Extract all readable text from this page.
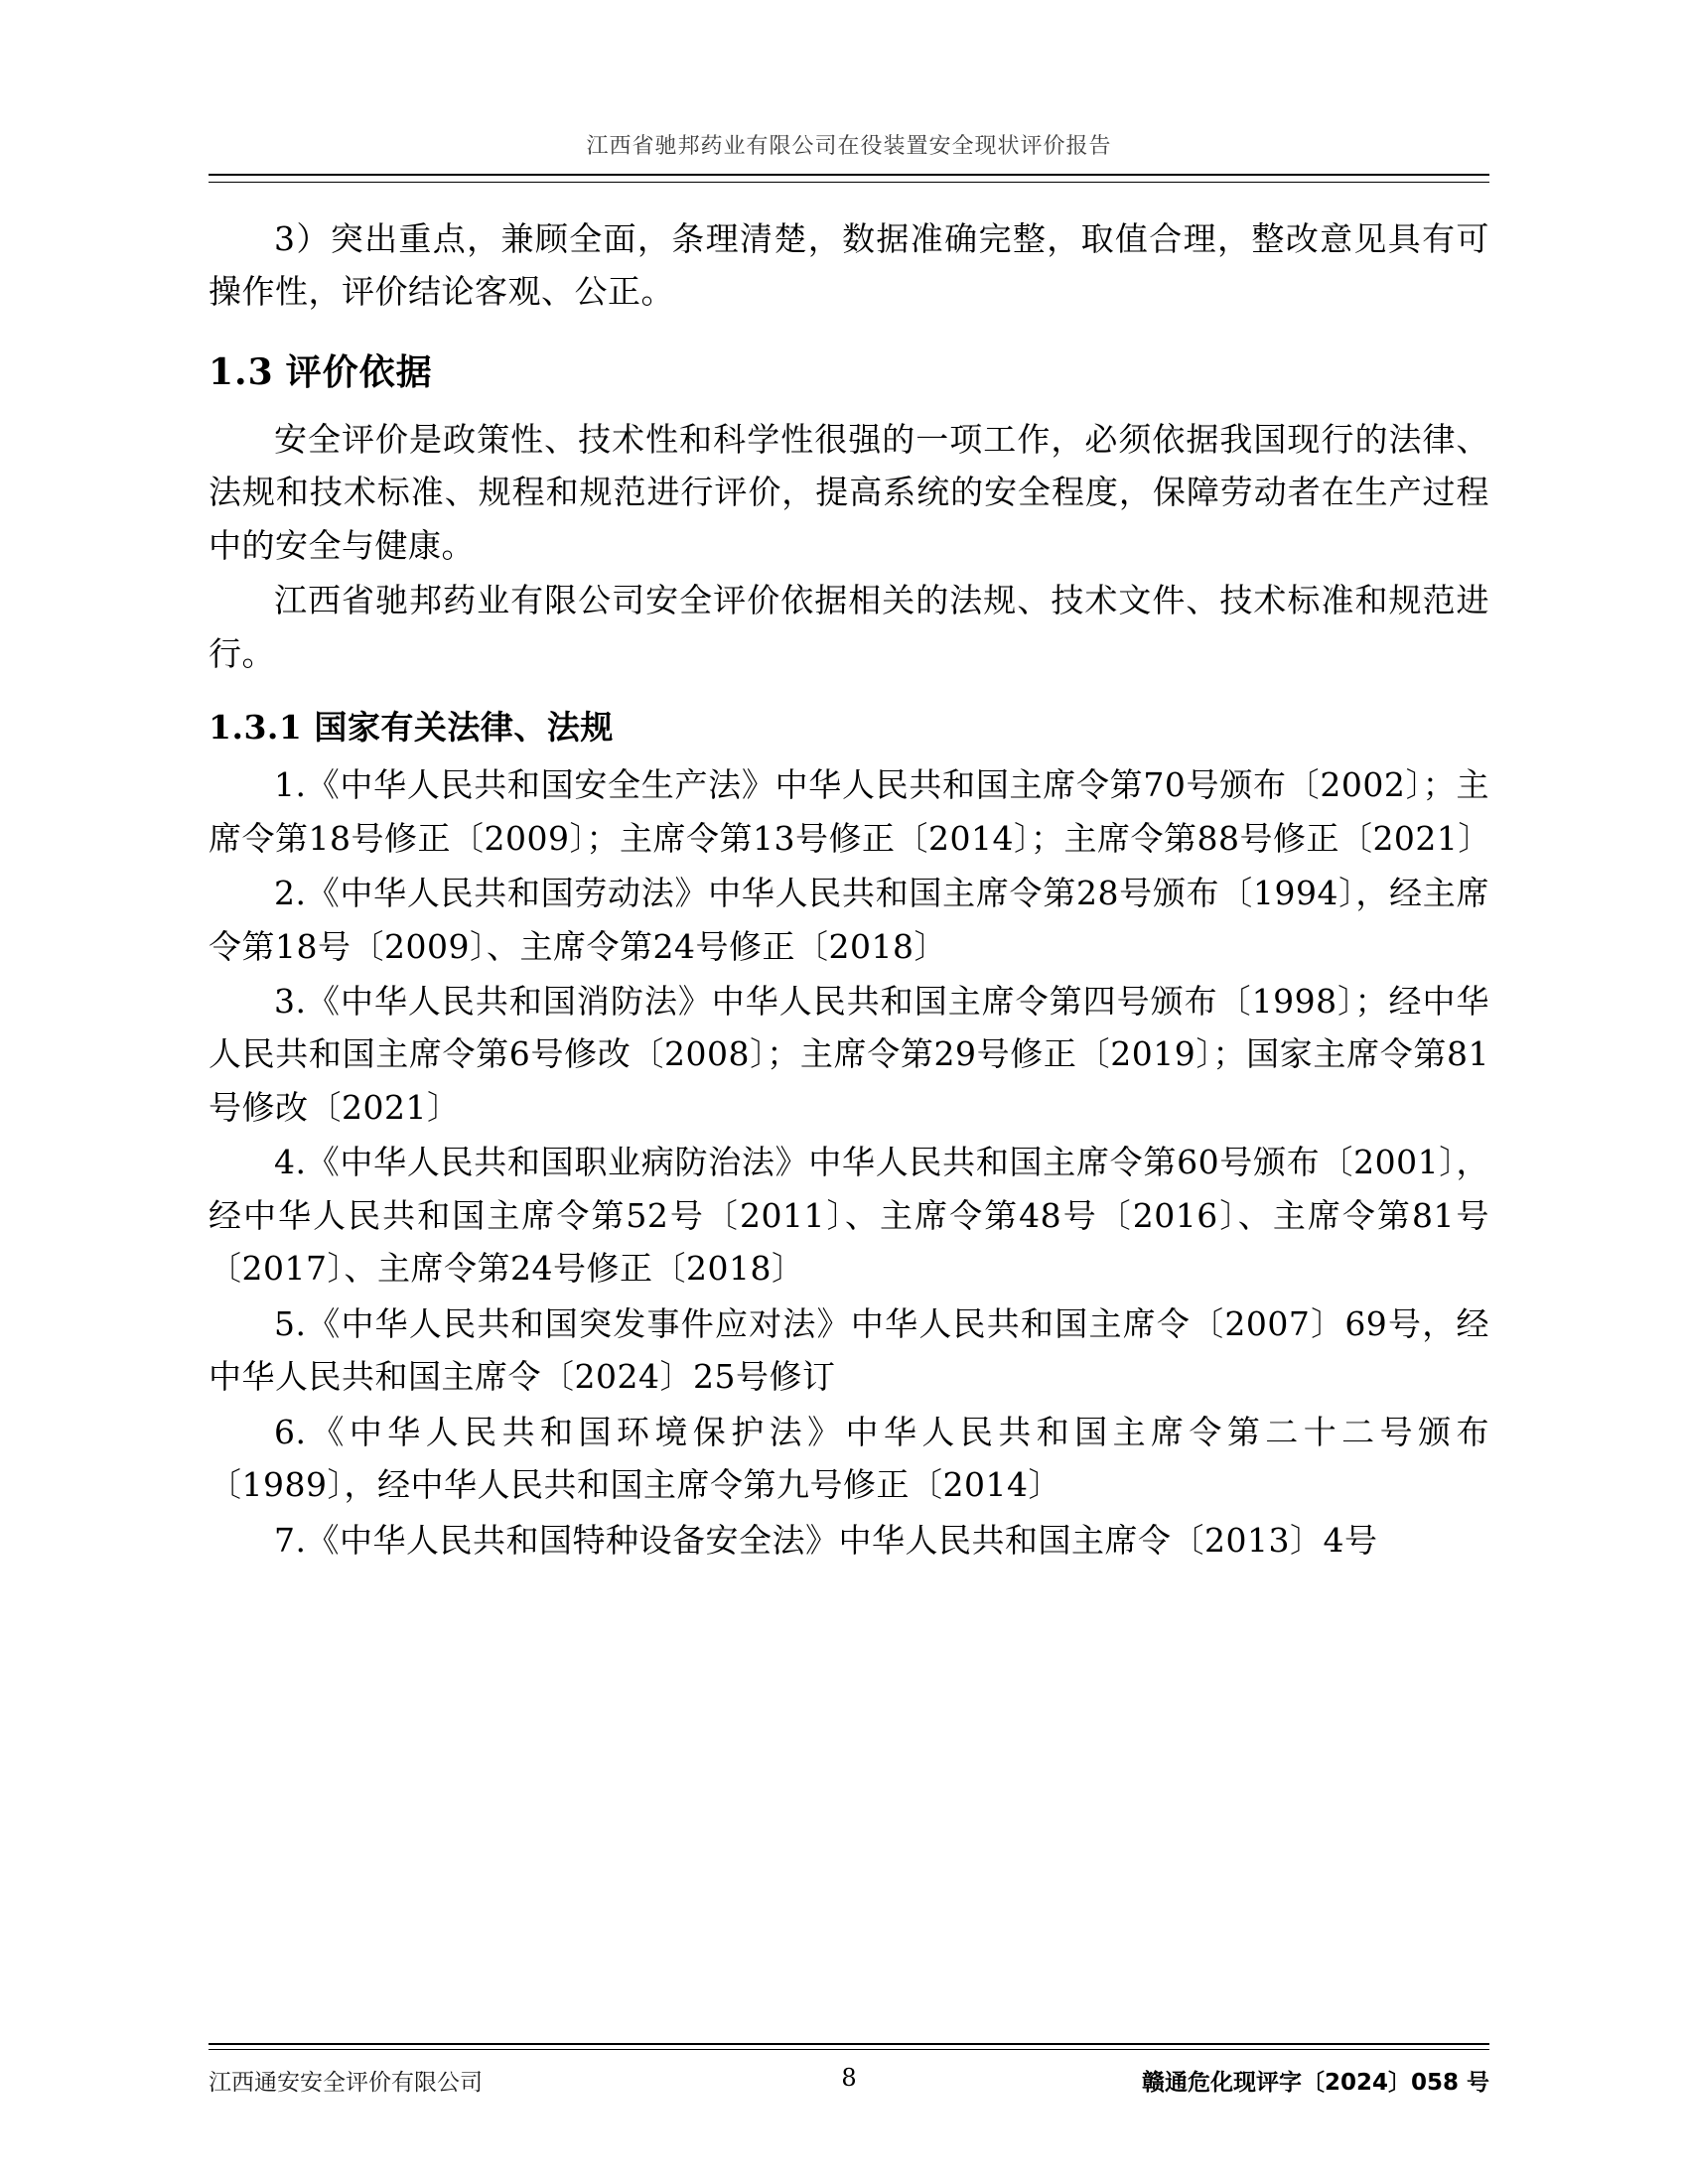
江西省驰邦药业有限公司在役装置安全现状评价报告

3）突出重点，兼顾全面，条理清楚，数据准确完整，取值合理，整改意见具有可操作性，评价结论客观、公正。

1.3 评价依据

安全评价是政策性、技术性和科学性很强的一项工作，必须依据我国现行的法律、法规和技术标准、规程和规范进行评价，提高系统的安全程度，保障劳动者在生产过程中的安全与健康。

江西省驰邦药业有限公司安全评价依据相关的法规、技术文件、技术标准和规范进行。

1.3.1 国家有关法律、法规

1.《中华人民共和国安全生产法》中华人民共和国主席令第70号颁布〔2002〕；主席令第18号修正〔2009〕；主席令第13号修正〔2014〕；主席令第88号修正〔2021〕

2.《中华人民共和国劳动法》中华人民共和国主席令第28号颁布〔1994〕，经主席令第18号〔2009〕、主席令第24号修正〔2018〕

3.《中华人民共和国消防法》中华人民共和国主席令第四号颁布〔1998〕；经中华人民共和国主席令第6号修改〔2008〕；主席令第29号修正〔2019〕；国家主席令第81号修改〔2021〕

4.《中华人民共和国职业病防治法》中华人民共和国主席令第60号颁布〔2001〕，经中华人民共和国主席令第52号〔2011〕、主席令第48号〔2016〕、主席令第81号〔2017〕、主席令第24号修正〔2018〕

5.《中华人民共和国突发事件应对法》中华人民共和国主席令〔2007〕69号，经中华人民共和国主席令〔2024〕25号修订

6.《中华人民共和国环境保护法》中华人民共和国主席令第二十二号颁布〔1989〕，经中华人民共和国主席令第九号修正〔2014〕

7.《中华人民共和国特种设备安全法》中华人民共和国主席令〔2013〕4号

江西通安安全评价有限公司	8	赣通危化现评字〔2024〕058 号
